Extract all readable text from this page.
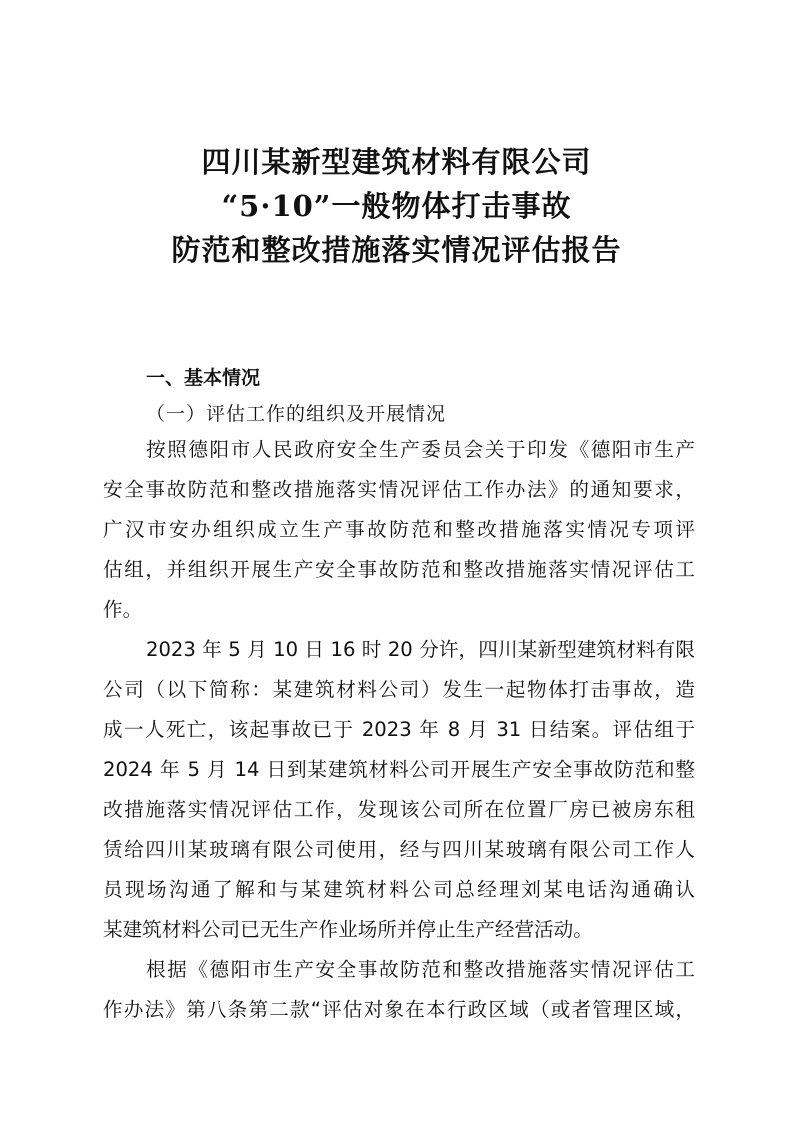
四川某新型建筑材料有限公司
“5·10”一般物体打击事故
防范和整改措施落实情况评估报告
一、基本情况
（一）评估工作的组织及开展情况
按照德阳市人民政府安全生产委员会关于印发《德阳市生产
安全事故防范和整改措施落实情况评估工作办法》的通知要求，
广汉市安办组织成立生产事故防范和整改措施落实情况专项评
估组，并组织开展生产安全事故防范和整改措施落实情况评估工
作。
2023 年 5 月 10 日 16 时 20 分许，四川某新型建筑材料有限
公司（以下简称：某建筑材料公司）发生一起物体打击事故，造
成一人死亡，该起事故已于 2023 年 8 月 31 日结案。评估组于
2024 年 5 月 14 日到某建筑材料公司开展生产安全事故防范和整
改措施落实情况评估工作，发现该公司所在位置厂房已被房东租
赁给四川某玻璃有限公司使用，经与四川某玻璃有限公司工作人
员现场沟通了解和与某建筑材料公司总经理刘某电话沟通确认
某建筑材料公司已无生产作业场所并停止生产经营活动。
根据《德阳市生产安全事故防范和整改措施落实情况评估工
作办法》第八条第二款“评估对象在本行政区域（或者管理区域，
